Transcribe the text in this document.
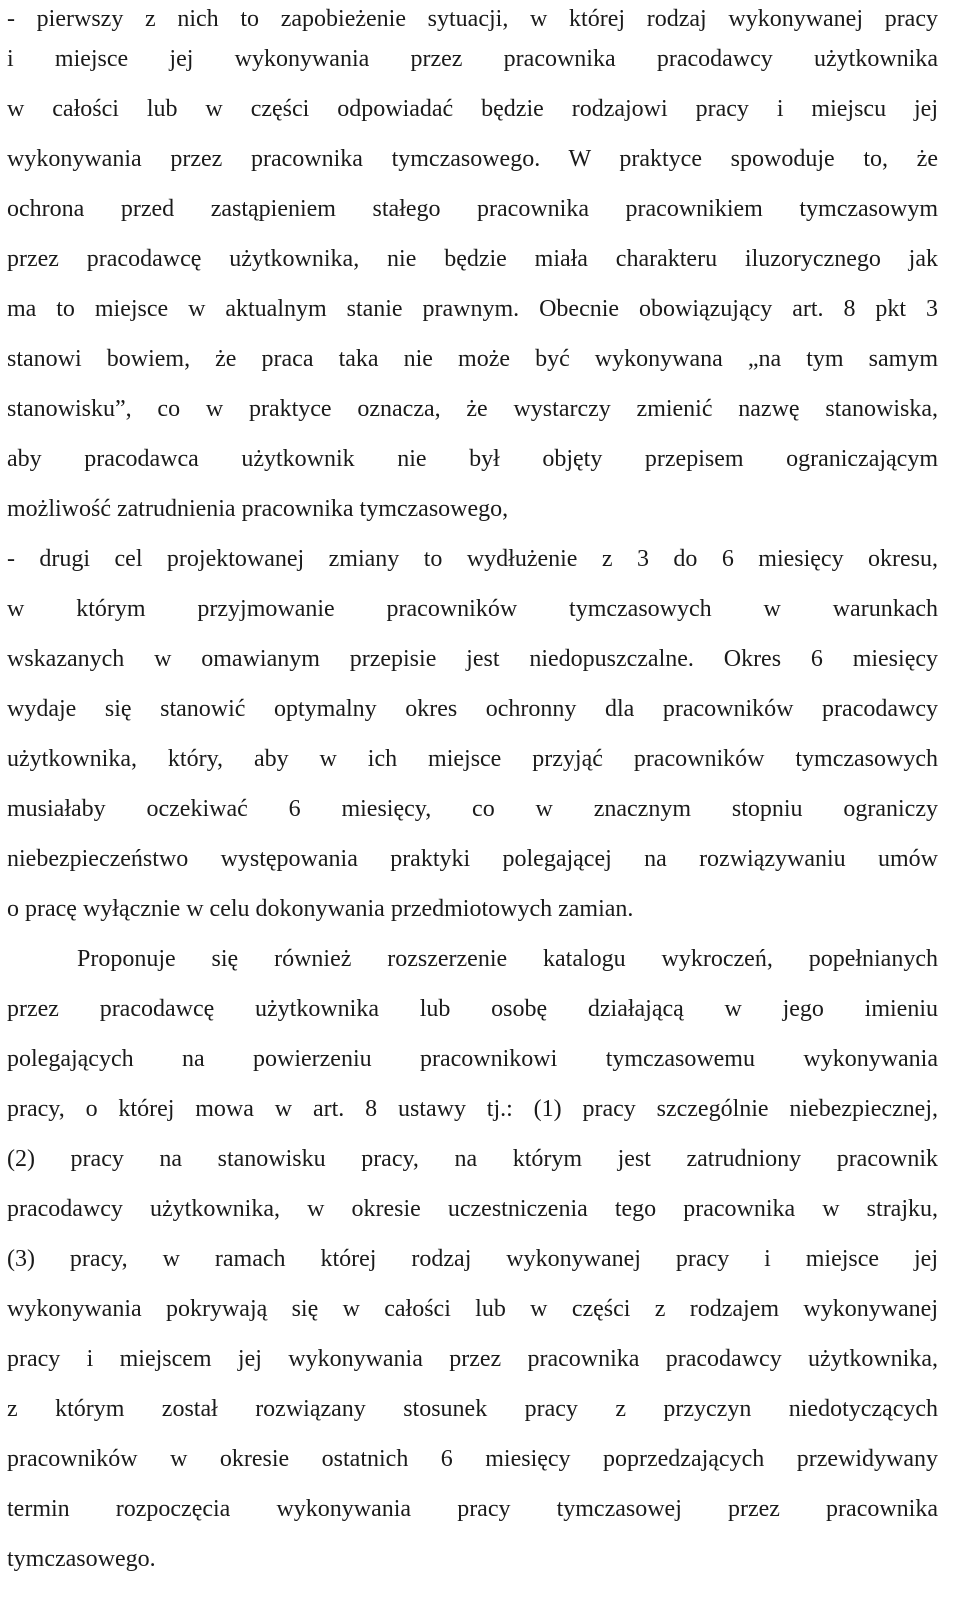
- pierwszy z nich to zapobieżenie sytuacji, w której rodzaj wykonywanej pracy
i miejsce jej wykonywania przez pracownika pracodawcy użytkownika
w całości lub w części odpowiadać będzie rodzajowi pracy i miejscu jej
wykonywania przez pracownika tymczasowego. W praktyce spowoduje to, że
ochrona przed zastąpieniem stałego pracownika pracownikiem tymczasowym
przez pracodawcę użytkownika, nie będzie miała charakteru iluzorycznego jak
ma to miejsce w aktualnym stanie prawnym. Obecnie obowiązujący art. 8 pkt 3
stanowi bowiem, że praca taka nie może być wykonywana „na tym samym
stanowisku”, co w praktyce oznacza, że wystarczy zmienić nazwę stanowiska,
aby pracodawca użytkownik nie był objęty przepisem ograniczającym
możliwość zatrudnienia pracownika tymczasowego,
- drugi cel projektowanej zmiany to wydłużenie z 3 do 6 miesięcy okresu,
w którym przyjmowanie pracowników tymczasowych w warunkach
wskazanych w omawianym przepisie jest niedopuszczalne. Okres 6 miesięcy
wydaje się stanowić optymalny okres ochronny dla pracowników pracodawcy
użytkownika, który, aby w ich miejsce przyjąć pracowników tymczasowych
musiałaby oczekiwać 6 miesięcy, co w znacznym stopniu ograniczy
niebezpieczeństwo występowania praktyki polegającej na rozwiązywaniu umów
o pracę wyłącznie w celu dokonywania przedmiotowych zamian.
Proponuje się również rozszerzenie katalogu wykroczeń, popełnianych
przez pracodawcę użytkownika lub osobę działającą w jego imieniu
polegających na powierzeniu pracownikowi tymczasowemu wykonywania
pracy, o której mowa w art. 8 ustawy tj.: (1) pracy szczególnie niebezpiecznej,
(2) pracy na stanowisku pracy, na którym jest zatrudniony pracownik
pracodawcy użytkownika, w okresie uczestniczenia tego pracownika w strajku,
(3) pracy, w ramach której rodzaj wykonywanej pracy i miejsce jej
wykonywania pokrywają się w całości lub w części z rodzajem wykonywanej
pracy i miejscem jej wykonywania przez pracownika pracodawcy użytkownika,
z którym został rozwiązany stosunek pracy z przyczyn niedotyczących
pracowników w okresie ostatnich 6 miesięcy poprzedzających przewidywany
termin rozpoczęcia wykonywania pracy tymczasowej przez pracownika
tymczasowego.
